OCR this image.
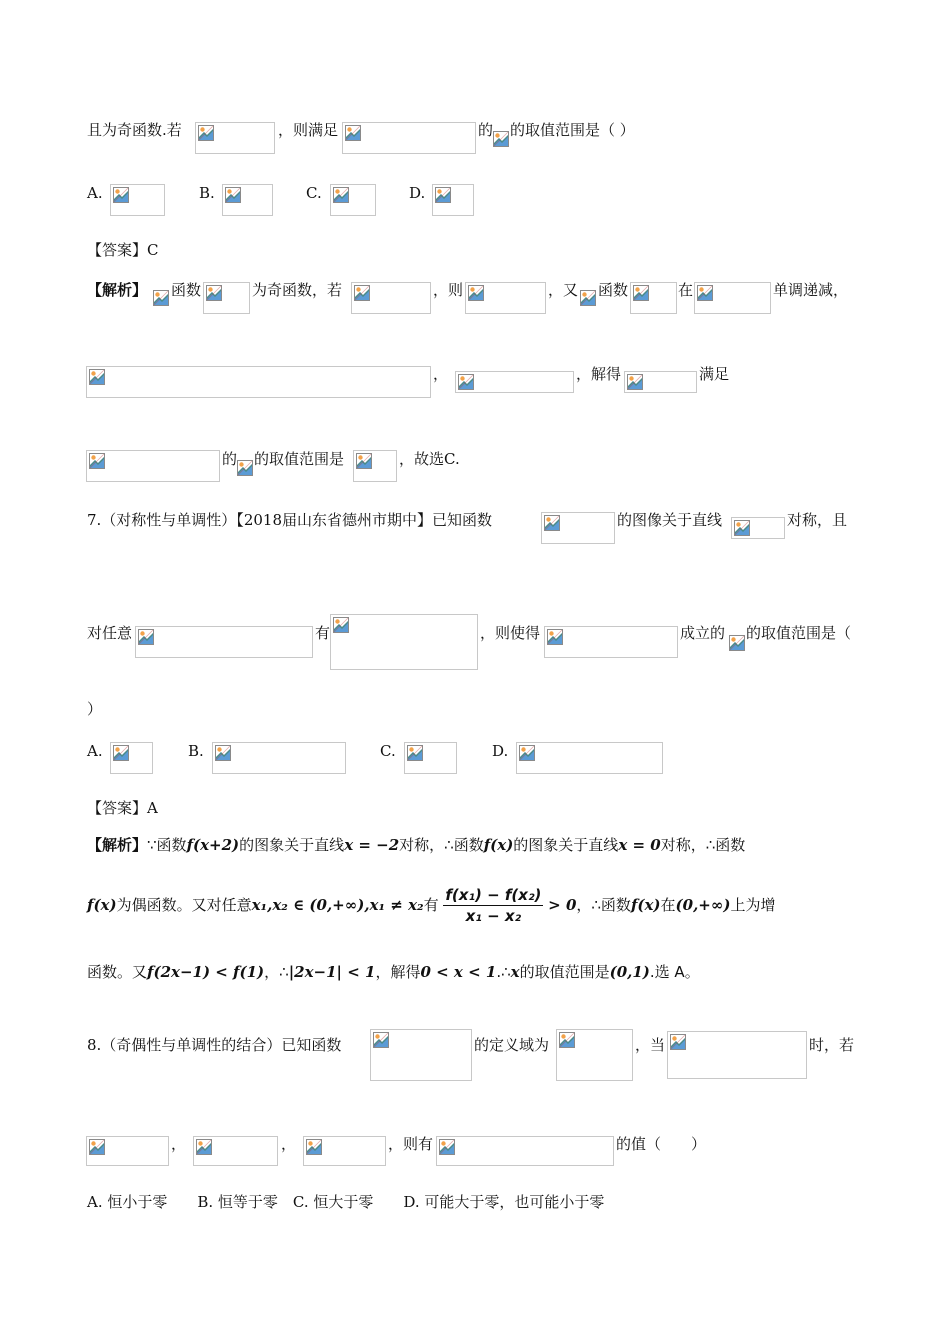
且为奇函数.若	，则满足	的 的取值范围是（ ）
A.	B.	C.	D.
【答案】C
【解析】 函数	为奇函数，若	，则	，又 函数	在	单调递减，
，	，解得	满足
的 的取值范围是	，故选C.
7.（对称性与单调性）【2018届山东省德州市期中】已知函数	的图像关于直线	对称，且
对任意	有	，则使得	成立的 的取值范围是（
）
A.	B.	C.	D.
【答案】A
【解析】∵函数f(x+2)的图象关于直线x = −2对称，∴函数f(x)的图象关于直线x = 0对称，∴函数
f(x)为偶函数。又对任意x₁,x₂ ∈ (0,+∞),x₁ ≠ x₂有 $\frac{\text{f(x₁) − f(x₂)}}{\text{x₁ − x₂}} > 0$，∴函数f(x)在(0,+∞)上为增
函数。又f(2x−1) < f(1)，∴|2x−1| < 1，解得0 < x < 1.∴x的取值范围是(0,1).选 A。
8.（奇偶性与单调性的结合）已知函数	的定义域为	，当	时，若
，	，	，则有	的值（　　）
A. 恒小于零　　B. 恒等于零　C. 恒大于零　　D. 可能大于零，也可能小于零
